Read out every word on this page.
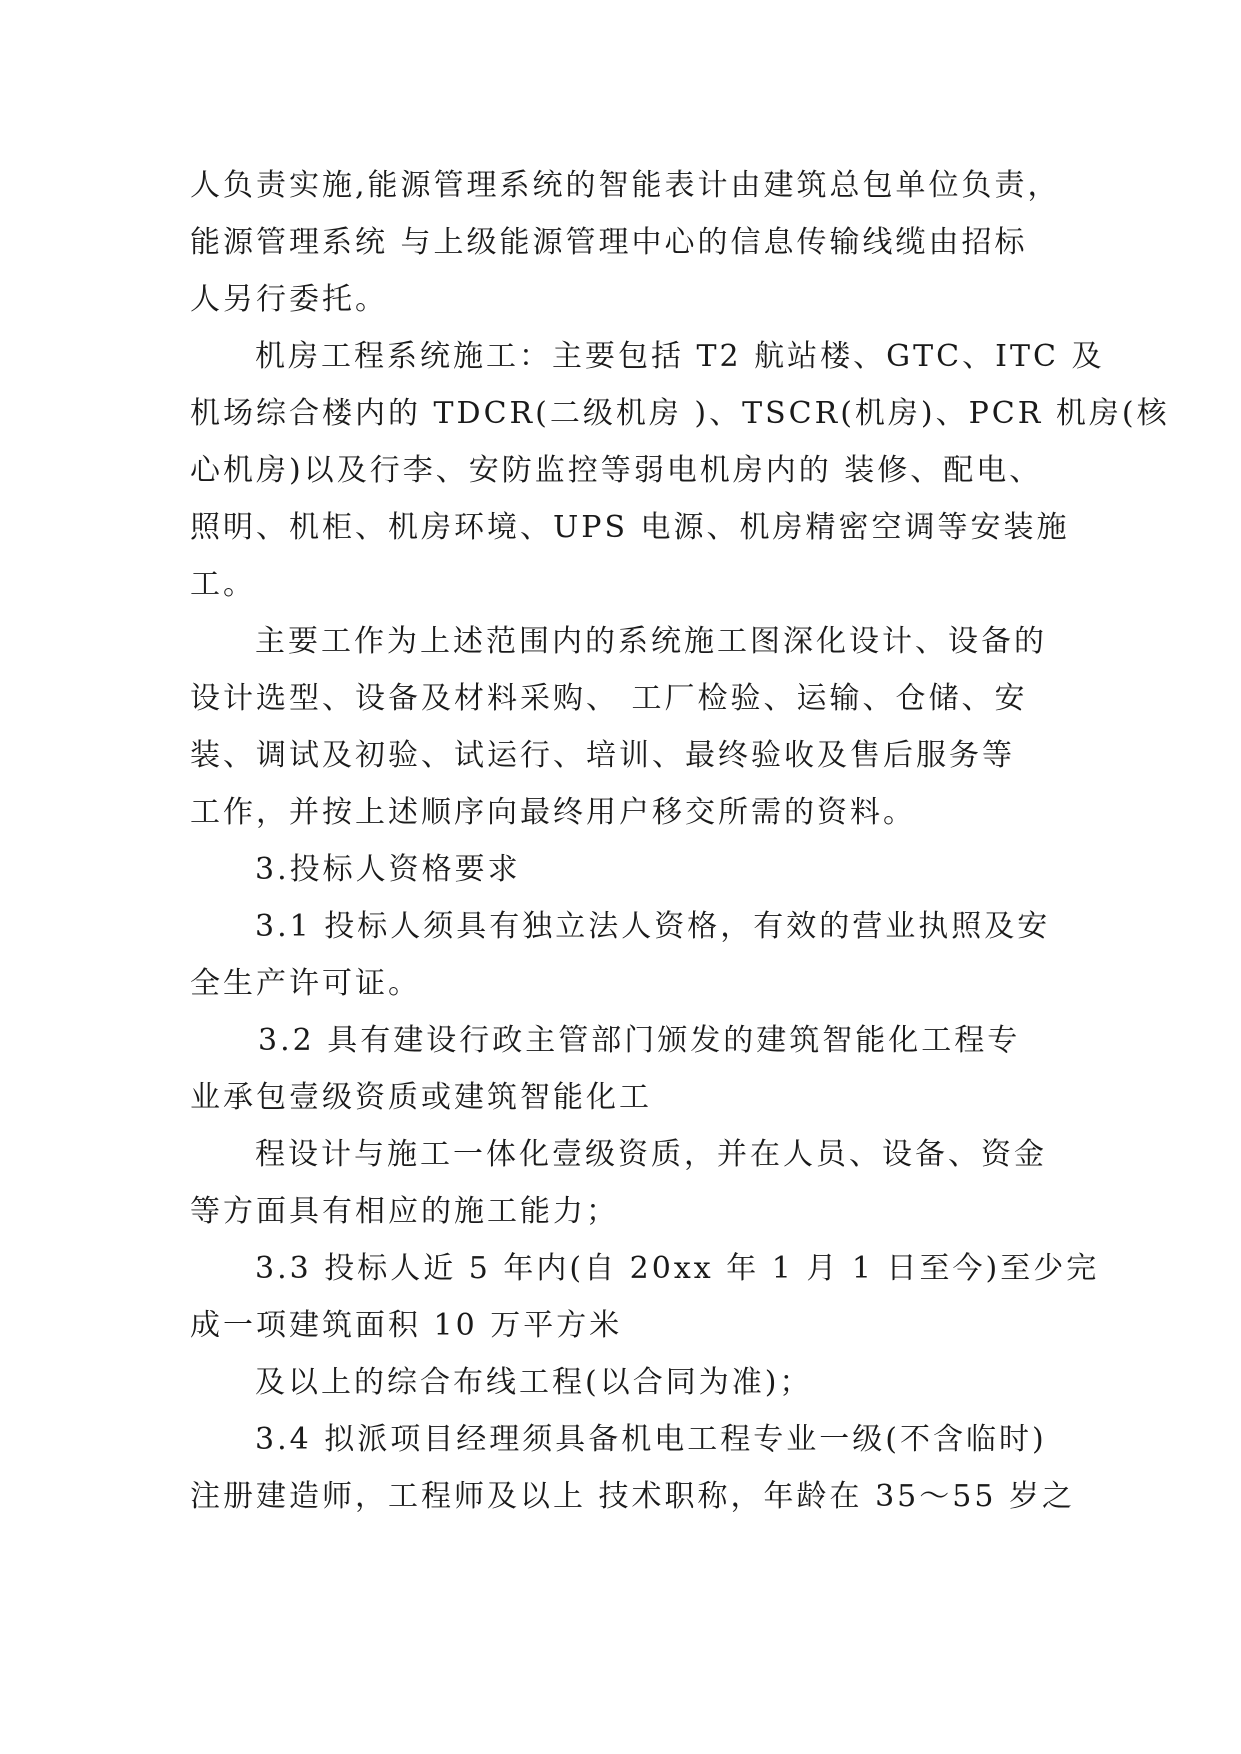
人负责实施,能源管理系统的智能表计由建筑总包单位负责，
能源管理系统 与上级能源管理中心的信息传输线缆由招标
人另行委托。
机房工程系统施工：主要包括 T2 航站楼、GTC、ITC 及
机场综合楼内的 TDCR(二级机房 )、TSCR(机房)、PCR 机房(核
心机房)以及行李、安防监控等弱电机房内的 装修、配电、
照明、机柜、机房环境、UPS 电源、机房精密空调等安装施
工。
主要工作为上述范围内的系统施工图深化设计、设备的
设计选型、设备及材料采购、 工厂检验、运输、仓储、安
装、调试及初验、试运行、培训、最终验收及售后服务等
工作，并按上述顺序向最终用户移交所需的资料。
3.投标人资格要求
3.1 投标人须具有独立法人资格，有效的营业执照及安
全生产许可证。
3.2 具有建设行政主管部门颁发的建筑智能化工程专
业承包壹级资质或建筑智能化工
程设计与施工一体化壹级资质，并在人员、设备、资金
等方面具有相应的施工能力；
3.3 投标人近 5 年内(自 20xx 年 1 月 1 日至今)至少完
成一项建筑面积 10 万平方米
及以上的综合布线工程(以合同为准)；
3.4 拟派项目经理须具备机电工程专业一级(不含临时)
注册建造师，工程师及以上 技术职称，年龄在 35～55 岁之
